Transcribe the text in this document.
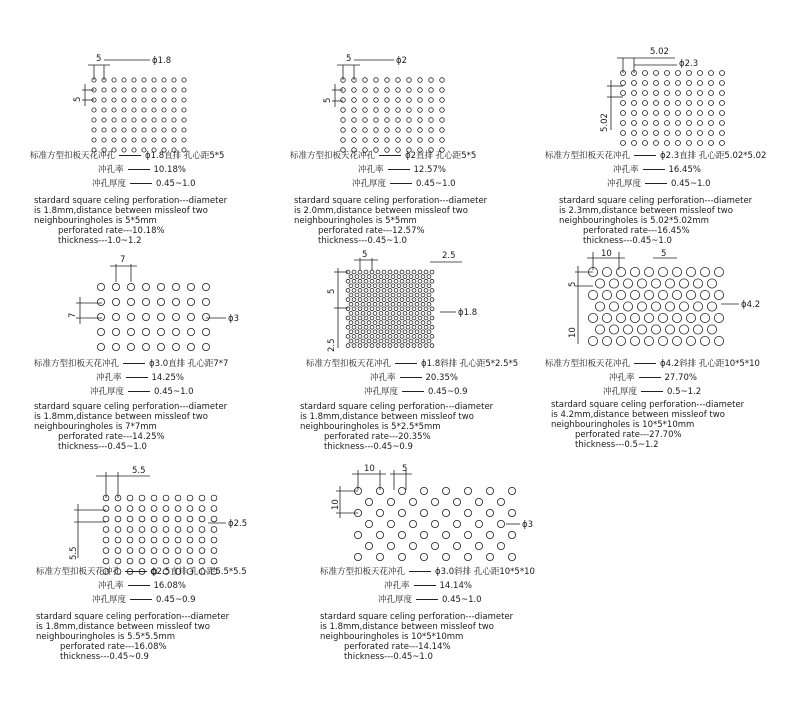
5
5
ϕ1.8
标准方型扣板天花冲孔	ϕ1.8直排 孔心距5*5
冲孔率	10.18%
冲孔厚度	0.45~1.0
stardard square celing perforation---diameter
is 1.8mm,distance between missleof two
neighbouringholes is 5*5mm
perforated rate---10.18%
thickness---1.0~1.2
5
5
ϕ2
标准方型扣板天花冲孔	ϕ2直排 孔心距5*5
冲孔率	12.57%
冲孔厚度	0.45~1.0
stardard square celing perforation---diameter
is 2.0mm,distance between missleof two
neighbouringholes is 5*5mm
perforated rate---12.57%
thickness---0.45~1.0
5.02
5.02
ϕ2.3
标准方型扣板天花冲孔	ϕ2.3直排 孔心距5.02*5.02
冲孔率	16.45%
冲孔厚度	0.45~1.0
stardard square celing perforation---diameter
is 2.3mm,distance between missleof two
neighbouringholes is 5.02*5.02mm
perforated rate---16.45%
thickness---0.45~1.0
7
7	ϕ3
标准方型扣板天花冲孔	ϕ3.0直排 孔心距7*7
冲孔率	14.25%
冲孔厚度	0.45~1.0
stardard square celing perforation---diameter
is 1.8mm,distance between missleof two
neighbouringholes is 7*7mm
perforated rate---14.25%
thickness---0.45~1.0
5	2.5
5
2.5
ϕ1.8
标准方型扣板天花冲孔	ϕ1.8斜排 孔心距5*2.5*5
冲孔率	20.35%
冲孔厚度	0.45~0.9
stardard square celing perforation---diameter
is 1.8mm,distance between missleof two
neighbouringholes is 5*2.5*5mm
perforated rate---20.35%
thickness---0.45~0.9
10	5
5
10
ϕ4.2
标准方型扣板天花冲孔	ϕ4.2斜排 孔心距10*5*10
冲孔率	27.70%
冲孔厚度	0.5~1.2
stardard square celing perforation---diameter
is 4.2mm,distance between missleof two
neighbouringholes is 10*5*10mm
perforated rate---27.70%
thickness---0.5~1.2
5.5
5.5
ϕ2.5
标准方型扣板天花冲孔	ϕ2.5直排 孔心距5.5*5.5
冲孔率	16.08%
冲孔厚度	0.45~0.9
stardard square celing perforation---diameter
is 1.8mm,distance between missleof two
neighbouringholes is 5.5*5.5mm
perforated rate---16.08%
thickness---0.45~0.9
10	5
10
ϕ3
标准方型扣板天花冲孔	ϕ3.0斜排 孔心距10*5*10
冲孔率	14.14%
冲孔厚度	0.45~1.0
stardard square celing perforation---diameter
is 1.8mm,distance between missleof two
neighbouringholes is 10*5*10mm
perforated rate---14.14%
thickness---0.45~1.0
